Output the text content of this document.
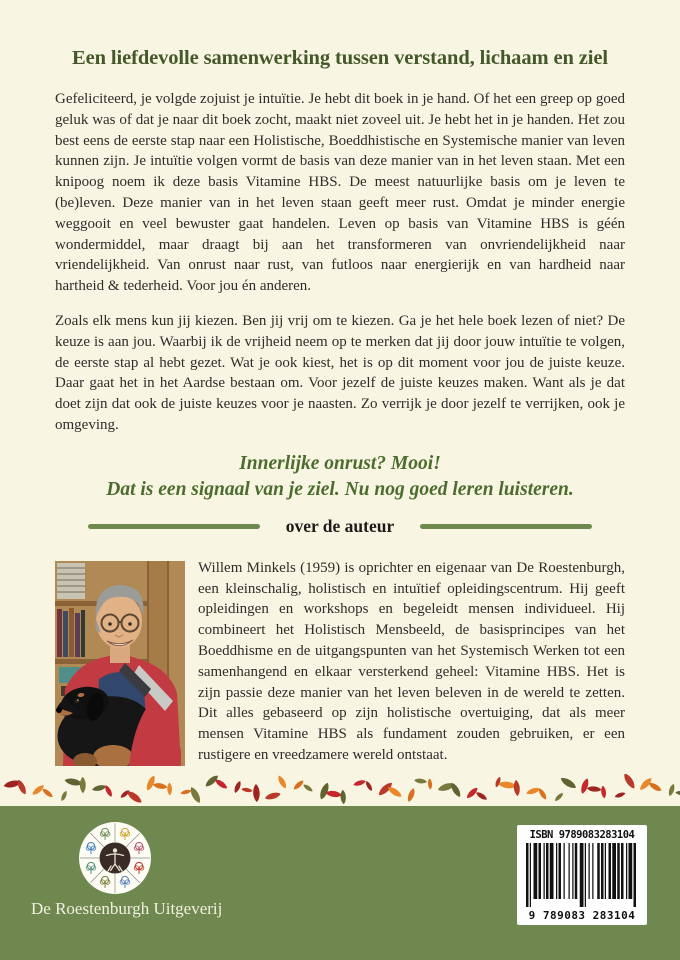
Een liefdevolle samenwerking tussen verstand, lichaam en ziel

Gefeliciteerd, je volgde zojuist je intuïtie. Je hebt dit boek in je hand. Of het een greep op goed geluk was of dat je naar dit boek zocht, maakt niet zoveel uit. Je hebt het in je handen. Het zou best eens de eerste stap naar een Holistische, Boeddhistische en Systemische manier van leven kunnen zijn. Je intuïtie volgen vormt de basis van deze manier van in het leven staan. Met een knipoog noem ik deze basis Vitamine HBS. De meest natuurlijke basis om je leven te (be)leven. Deze manier van in het leven staan geeft meer rust. Omdat je minder energie weggooit en veel bewuster gaat handelen. Leven op basis van Vitamine HBS is géén wondermiddel, maar draagt bij aan het transformeren van onvriendelijkheid naar vriendelijkheid. Van onrust naar rust, van futloos naar energierijk en van hardheid naar hartheid & tederheid. Voor jou én anderen.

Zoals elk mens kun jij kiezen. Ben jij vrij om te kiezen. Ga je het hele boek lezen of niet? De keuze is aan jou. Waarbij ik de vrijheid neem op te merken dat jij door jouw intuïtie te volgen, de eerste stap al hebt gezet. Wat je ook kiest, het is op dit moment voor jou de juiste keuze. Daar gaat het in het Aardse bestaan om. Voor jezelf de juiste keuzes maken. Want als je dat doet zijn dat ook de juiste keuzes voor je naasten. Zo verrijk je door jezelf te verrijken, ook je omgeving.

Innerlijke onrust? Mooi!
Dat is een signaal van je ziel. Nu nog goed leren luisteren.
over de auteur

Willem Minkels (1959) is oprichter en eigenaar van De Roestenburgh, een kleinschalig, holistisch en intuïtief opleidingscentrum. Hij geeft opleidingen en workshops en begeleidt mensen individueel. Hij combineert het Holistisch Mensbeeld, de basisprincipes van het Boeddhisme en de uitgangspunten van het Systemisch Werken tot een samenhangend en elkaar versterkend geheel: Vitamine HBS. Het is zijn passie deze manier van het leven beleven in de wereld te zetten. Dit alles gebaseerd op zijn holistische overtuiging, dat als meer mensen Vitamine HBS als fundament zouden gebruiken, er een rustigere en vreedzamere wereld ontstaat.

De Roestenburgh Uitgeverij
ISBN 9789083283104
9 789083 283104
